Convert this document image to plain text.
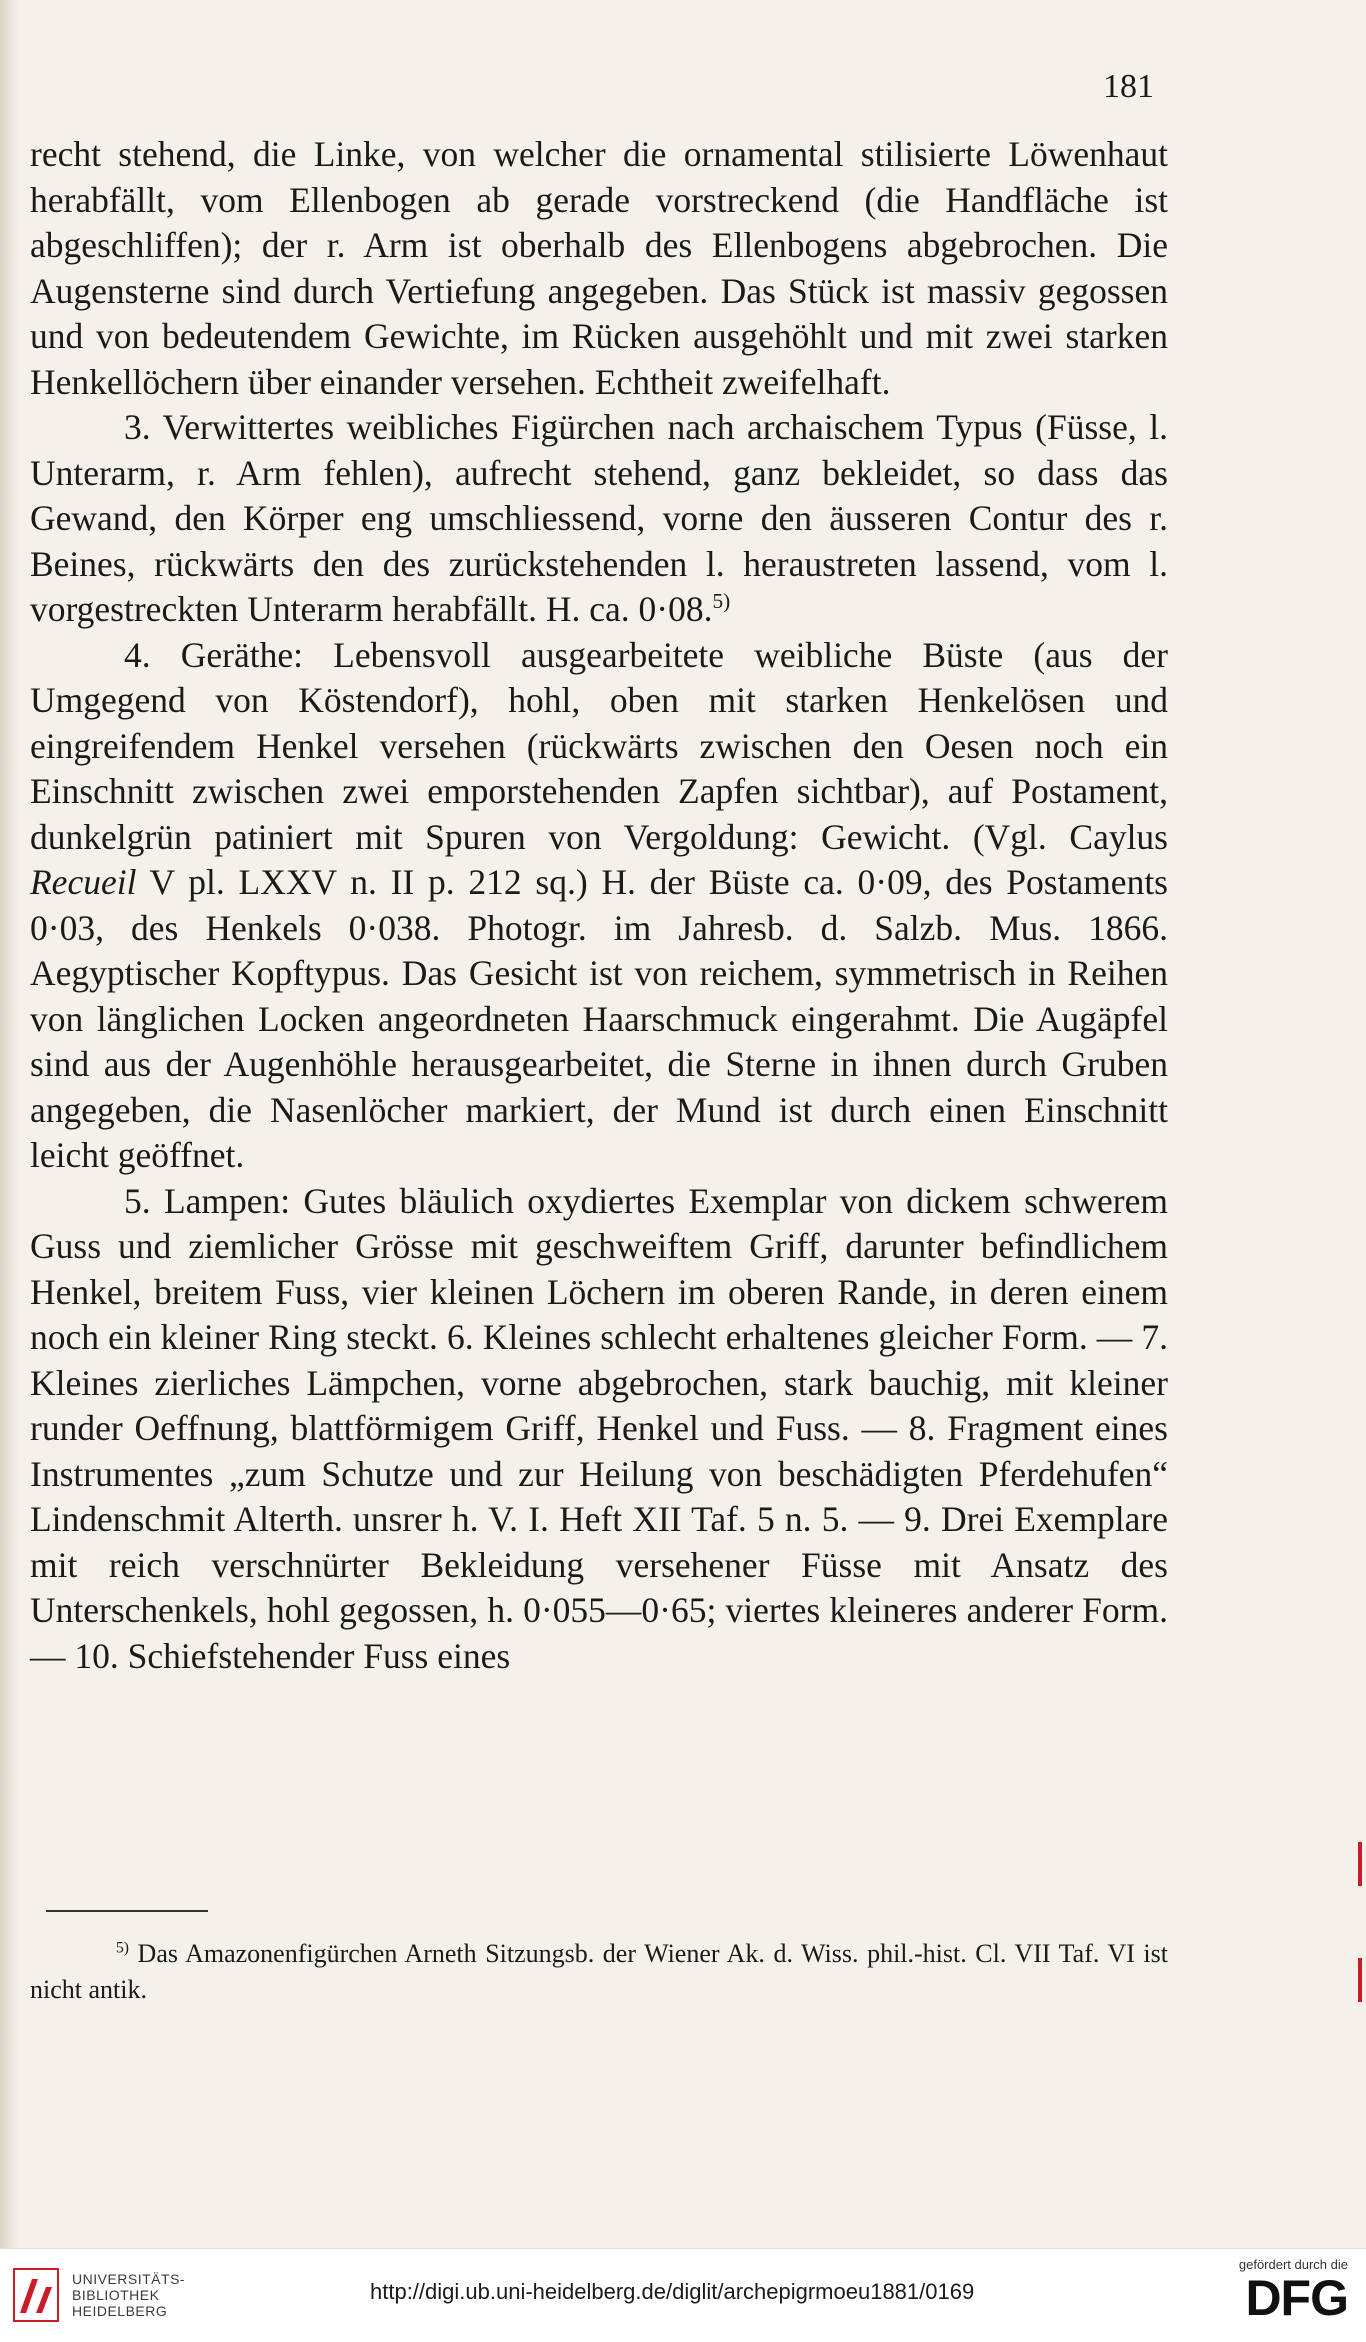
181

recht stehend, die Linke, von welcher die ornamental stilisierte Löwenhaut herabfällt, vom Ellenbogen ab gerade vorstreckend (die Handfläche ist abgeschliffen); der r. Arm ist oberhalb des Ellenbogens abgebrochen. Die Augensterne sind durch Vertiefung angegeben. Das Stück ist massiv gegossen und von bedeutendem Gewichte, im Rücken ausgehöhlt und mit zwei starken Henkellöchern über einander versehen. Echtheit zweifelhaft.

3. Verwittertes weibliches Figürchen nach archaischem Typus (Füsse, l. Unterarm, r. Arm fehlen), aufrecht stehend, ganz bekleidet, so dass das Gewand, den Körper eng umschliessend, vorne den äusseren Contur des r. Beines, rückwärts den des zurückstehenden l. heraustreten lassend, vom l. vorgestreckten Unterarm herabfällt. H. ca. 0·08.$^{5)}$

4. Geräthe: Lebensvoll ausgearbeitete weibliche Büste (aus der Umgegend von Köstendorf), hohl, oben mit starken Henkelösen und eingreifendem Henkel versehen (rückwärts zwischen den Oesen noch ein Einschnitt zwischen zwei emporstehenden Zapfen sichtbar), auf Postament, dunkelgrün patiniert mit Spuren von Vergoldung: Gewicht. (Vgl. Caylus Recueil V pl. LXXV n. II p. 212 sq.) H. der Büste ca. 0·09, des Postaments 0·03, des Henkels 0·038. Photogr. im Jahresb. d. Salzb. Mus. 1866. Aegyptischer Kopftypus. Das Gesicht ist von reichem, symmetrisch in Reihen von länglichen Locken angeordneten Haarschmuck eingerahmt. Die Augäpfel sind aus der Augenhöhle herausgearbeitet, die Sterne in ihnen durch Gruben angegeben, die Nasenlöcher markiert, der Mund ist durch einen Einschnitt leicht geöffnet.

5. Lampen: Gutes bläulich oxydiertes Exemplar von dickem schwerem Guss und ziemlicher Grösse mit geschweiftem Griff, darunter befindlichem Henkel, breitem Fuss, vier kleinen Löchern im oberen Rande, in deren einem noch ein kleiner Ring steckt. 6. Kleines schlecht erhaltenes gleicher Form. — 7. Kleines zierliches Lämpchen, vorne abgebrochen, stark bauchig, mit kleiner runder Oeffnung, blattförmigem Griff, Henkel und Fuss. — 8. Fragment eines Instrumentes „zum Schutze und zur Heilung von beschädigten Pferdehufen“ Lindenschmit Alterth. unsrer h. V. I. Heft XII Taf. 5 n. 5. — 9. Drei Exemplare mit reich verschnürter Bekleidung versehener Füsse mit Ansatz des Unterschenkels, hohl gegossen, h. 0·055—0·65; viertes kleineres anderer Form. — 10. Schiefstehender Fuss eines

$^{5)}$ Das Amazonenfigürchen Arneth Sitzungsb. der Wiener Ak. d. Wiss. phil.-hist. Cl. VII Taf. VI ist nicht antik.

UNIVERSITÄTS-
BIBLIOTHEK
HEIDELBERG
http://digi.ub.uni-heidelberg.de/diglit/archepigrmoeu1881/0169
gefördert durch die
DFG
